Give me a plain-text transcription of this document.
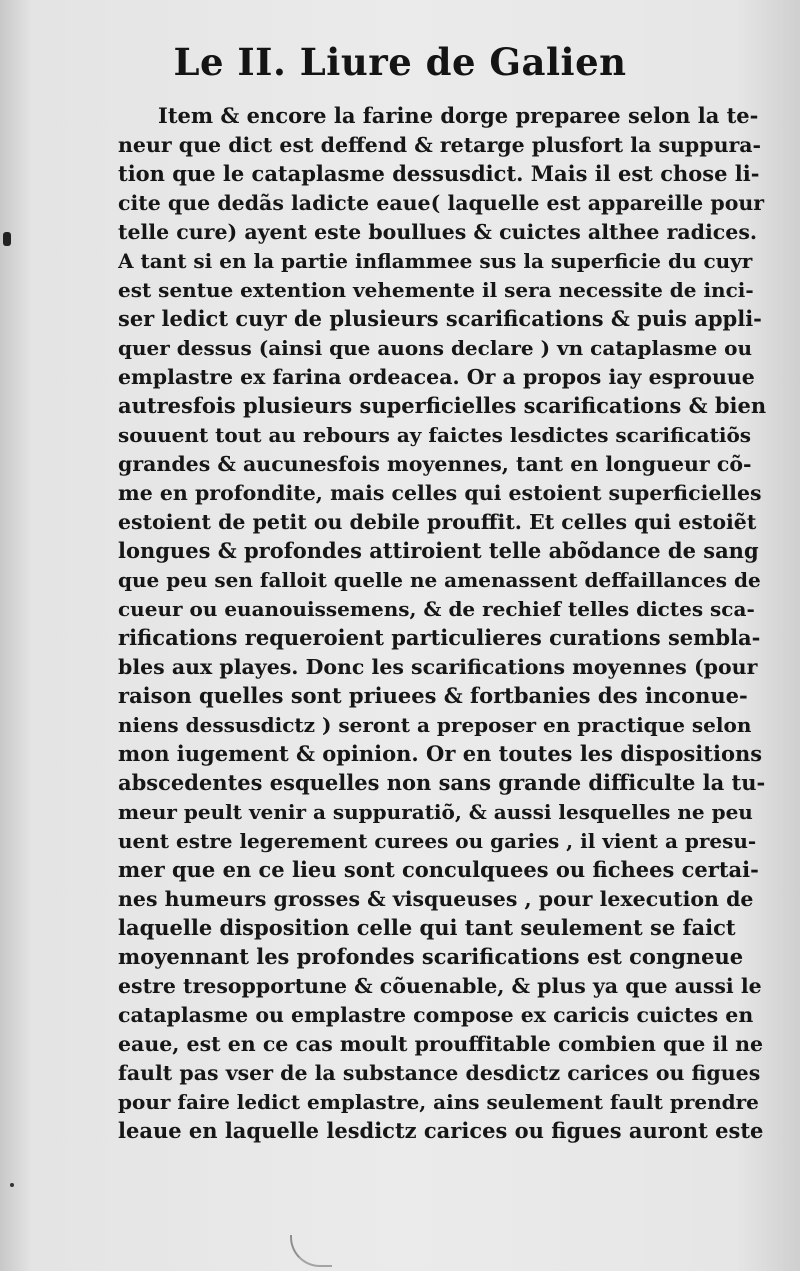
Le II. Liure de Galien
Item & encore la farine dorge preparee selon la te-
neur que dict est deffend & retarge plusfort la suppura-
tion que le cataplasme dessusdict. Mais il est chose li-
cite que dedãs ladicte eaue( laquelle est appareille pour
telle cure) ayent este boullues & cuictes althee radices.
A tant si en la partie inflammee sus la superficie du cuyr
est sentue extention vehemente il sera necessite de inci-
ser ledict cuyr de plusieurs scarifications & puis appli-
quer dessus (ainsi que auons declare ) vn cataplasme ou
emplastre ex farina ordeacea. Or a propos iay esprouue
autresfois plusieurs superficielles scarifications & bien
souuent tout au rebours ay faictes lesdictes scarificatiõs
grandes & aucunesfois moyennes, tant en longueur cõ-
me en profondite, mais celles qui estoient superficielles
estoient de petit ou debile prouffit. Et celles qui estoiẽt
longues & profondes attiroient telle abõdance de sang
que peu sen falloit quelle ne amenassent deffaillances de
cueur ou euanouissemens, & de rechief telles dictes sca-
rifications requeroient particulieres curations sembla-
bles aux playes. Donc les scarifications moyennes (pour
raison quelles sont priuees & fortbanies des inconue-
niens dessusdictz ) seront a preposer en practique selon
mon iugement & opinion. Or en toutes les dispositions
abscedentes esquelles non sans grande difficulte la tu-
meur peult venir a suppuratiõ, & aussi lesquelles ne peu
uent estre legerement curees ou garies , il vient a presu-
mer que en ce lieu sont conculquees ou fichees certai-
nes humeurs grosses & visqueuses , pour lexecution de
laquelle disposition celle qui tant seulement se faict
moyennant les profondes scarifications est congneue
estre tresopportune & cõuenable, & plus ya que aussi le
cataplasme ou emplastre compose ex caricis cuictes en
eaue, est en ce cas moult prouffitable combien que il ne
fault pas vser de la substance desdictz carices ou figues
pour faire ledict emplastre, ains seulement fault prendre
leaue en laquelle lesdictz carices ou figues auront este
